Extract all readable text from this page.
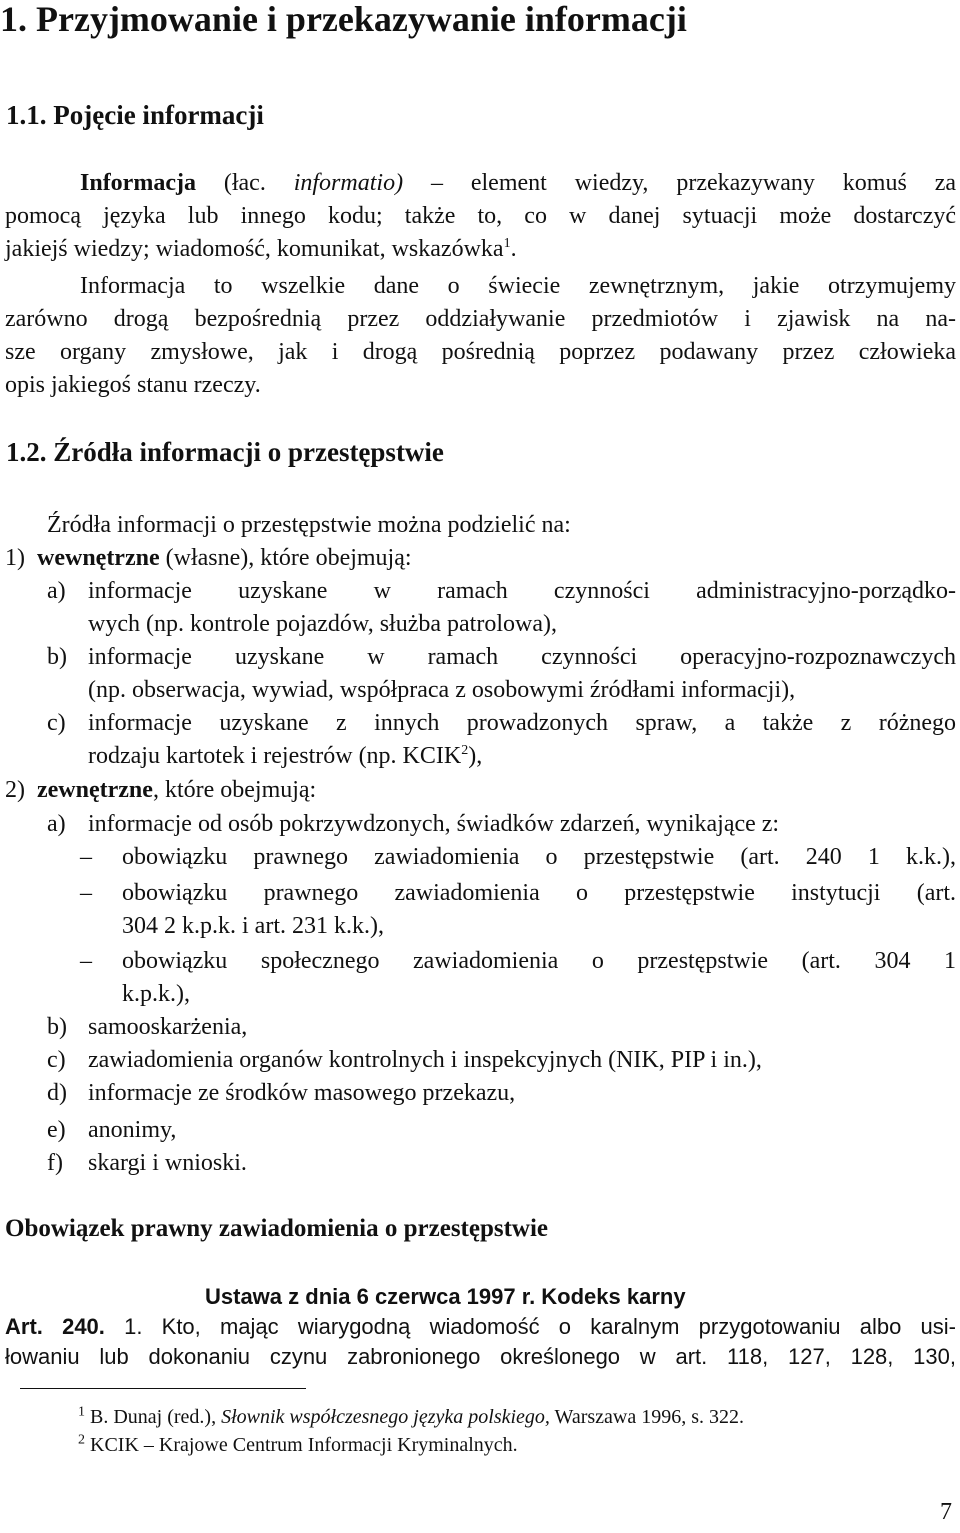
1. Przyjmowanie i przekazywanie informacji
1.1. Pojęcie informacji
Informacja (łac. informatio) – element wiedzy, przekazywany komuś za
pomocą języka lub innego kodu; także to, co w danej sytuacji może dostarczyć
jakiejś wiedzy; wiadomość, komunikat, wskazówka$^1$.
Informacja to wszelkie dane o świecie zewnętrznym, jakie otrzymujemy
zarówno drogą bezpośrednią przez oddziaływanie przedmiotów i zjawisk na na-
sze organy zmysłowe, jak i drogą pośrednią poprzez podawany przez człowieka
opis jakiegoś stanu rzeczy.
1.2. Źródła informacji o przestępstwie
Źródła informacji o przestępstwie można podzielić na:
1) wewnętrzne (własne), które obejmują:
a) informacje uzyskane w ramach czynności administracyjno-porządko-
wych (np. kontrole pojazdów, służba patrolowa),
b) informacje uzyskane w ramach czynności operacyjno-rozpoznawczych
(np. obserwacja, wywiad, współpraca z osobowymi źródłami informacji),
c) informacje uzyskane z innych prowadzonych spraw, a także z różnego
rodzaju kartotek i rejestrów (np. KCIK$^2$),
2) zewnętrzne, które obejmują:
a) informacje od osób pokrzywdzonych, świadków zdarzeń, wynikające z:
– obowiązku prawnego zawiadomienia o przestępstwie (art. 240 1 k.k.),
– obowiązku prawnego zawiadomienia o przestępstwie instytucji (art.
304 2 k.p.k. i art. 231 k.k.),
– obowiązku społecznego zawiadomienia o przestępstwie (art. 304 1
k.p.k.),
b) samooskarżenia,
c) zawiadomienia organów kontrolnych i inspekcyjnych (NIK, PIP i in.),
d) informacje ze środków masowego przekazu,
e) anonimy,
f) skargi i wnioski.
Obowiązek prawny zawiadomienia o przestępstwie
Ustawa z dnia 6 czerwca 1997 r. Kodeks karny
Art. 240. 1. Kto, mając wiarygodną wiadomość o karalnym przygotowaniu albo usi-
łowaniu lub dokonaniu czynu zabronionego określonego w art. 118, 127, 128, 130,
$^1$ B. Dunaj (red.), Słownik współczesnego języka polskiego, Warszawa 1996, s. 322.
$^2$ KCIK – Krajowe Centrum Informacji Kryminalnych.
7
